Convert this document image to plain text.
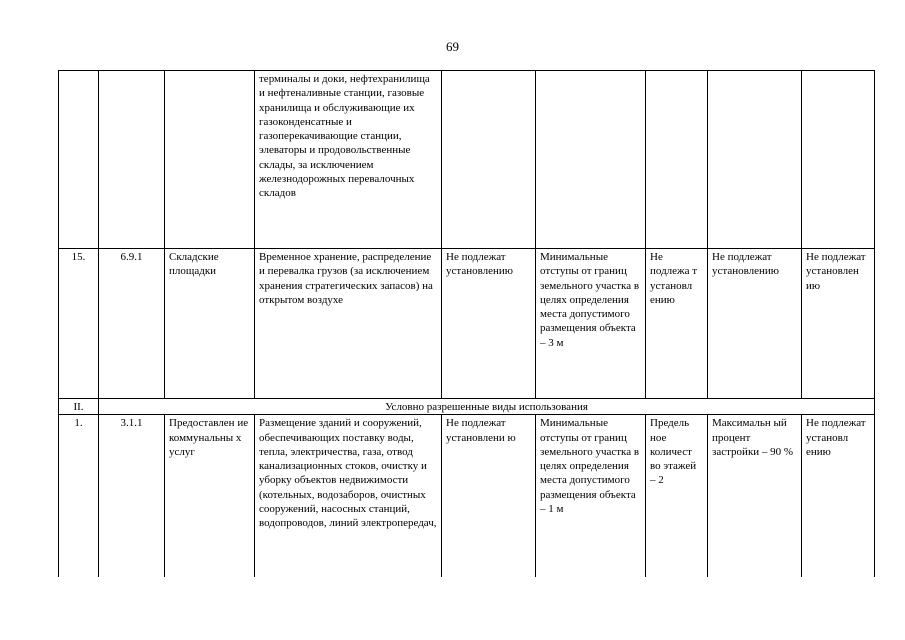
69
			терминалы и доки, нефтехранилища и нефтеналивные станции, газовые хранилища и обслуживающие их газоконденсатные и газоперекачивающие станции, элеваторы и продовольственные склады, за исключением железнодорожных перевалочных складов					
15.	6.9.1	Складские площадки	Временное хранение, распределение и перевалка грузов (за исключением хранения стратегических запасов) на открытом воздухе	Не подлежат установлению	Минимальные отступы от границ земельного участка в целях определения места допустимого размещения объекта – 3 м	Не подлежа т установл ению	Не подлежат установлению	Не подлежат установлен ию
II.	Условно разрешенные виды использования							
1.	3.1.1	Предоставлен ие коммунальны х услуг	Размещение зданий и сооружений, обеспечивающих поставку воды, тепла, электричества, газа, отвод канализационных стоков, очистку и уборку объектов недвижимости (котельных, водозаборов, очистных сооружений, насосных станций, водопроводов, линий электропередач,	Не подлежат установлени ю	Минимальные отступы от границ земельного участка в целях определения места допустимого размещения объекта – 1 м	Предель ное количест во этажей – 2	Максимальн ый процент застройки – 90 %	Не подлежат установл ению
